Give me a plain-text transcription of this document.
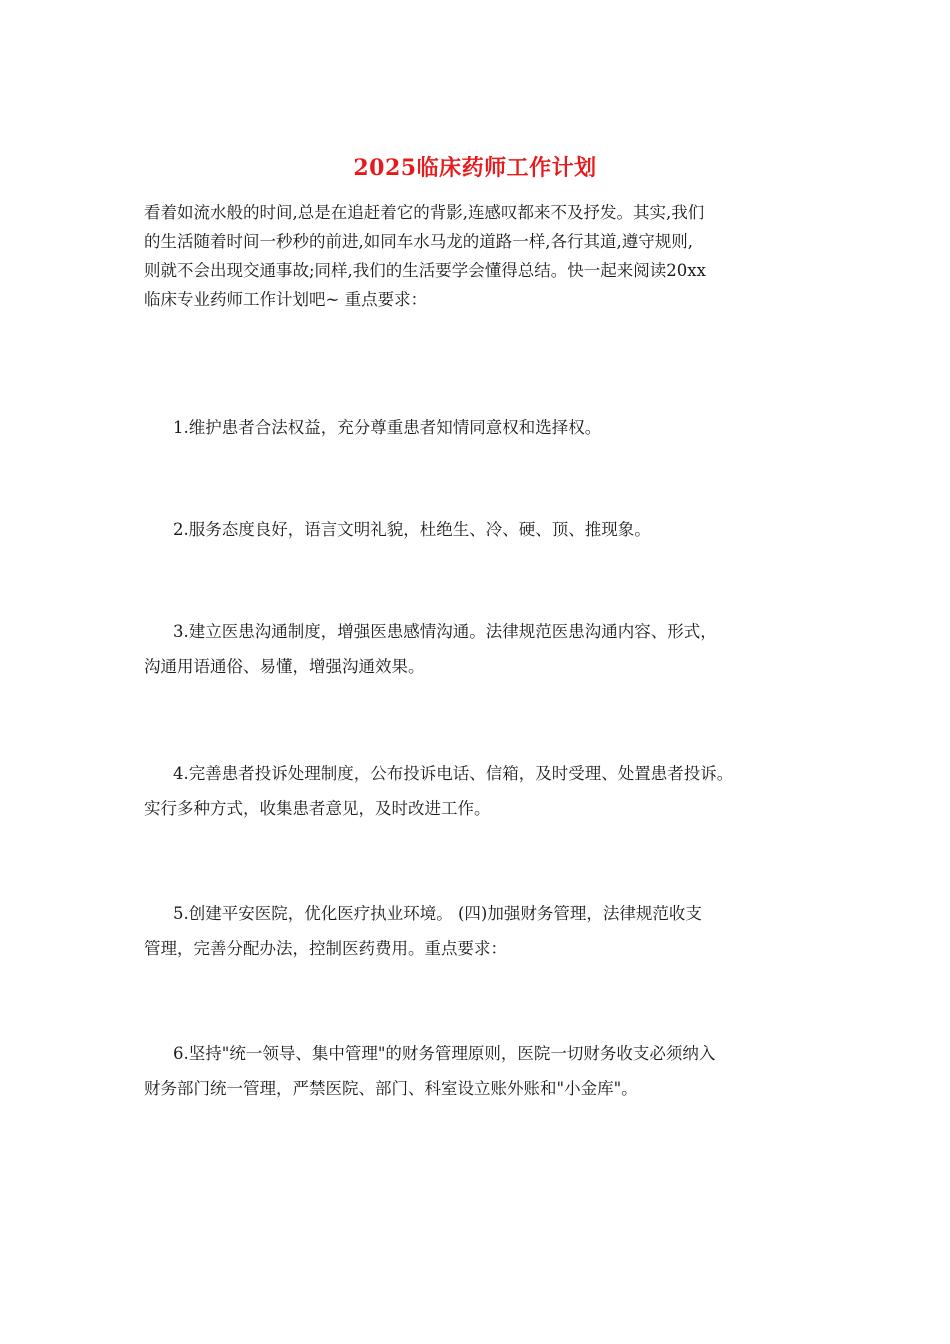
2025临床药师工作计划
看着如流水般的时间,总是在追赶着它的背影,连感叹都来不及抒发。其实,我们
的生活随着时间一秒秒的前进,如同车水马龙的道路一样,各行其道,遵守规则,
则就不会出现交通事故;同样,我们的生活要学会懂得总结。快一起来阅读20xx
临床专业药师工作计划吧~ 重点要求：
1.维护患者合法权益，充分尊重患者知情同意权和选择权。
2.服务态度良好，语言文明礼貌，杜绝生、冷、硬、顶、推现象。
3.建立医患沟通制度，增强医患感情沟通。法律规范医患沟通内容、形式，
沟通用语通俗、易懂，增强沟通效果。
4.完善患者投诉处理制度，公布投诉电话、信箱，及时受理、处置患者投诉。
实行多种方式，收集患者意见，及时改进工作。
5.创建平安医院，优化医疗执业环境。 (四)加强财务管理，法律规范收支
管理，完善分配办法，控制医药费用。重点要求：
6.坚持"统一领导、集中管理"的财务管理原则，医院一切财务收支必须纳入
财务部门统一管理，严禁医院、部门、科室设立账外账和"小金库"。
